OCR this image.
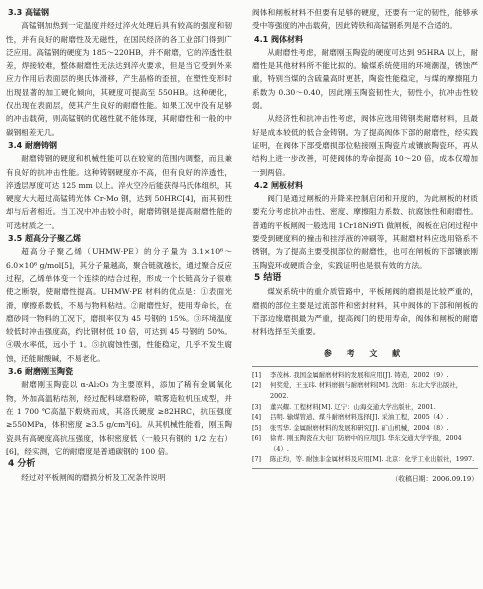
3.3 高锰钢

高锰钢加热到一定温度并经过淬火处理后具有较高的强度和韧性，并有良好的耐磨性及无磁性，在国民经济的各工业部门得到广泛应用。高锰钢的硬度为 185～220HB，并不耐磨，它的淬透性很差，焊接较难，整体耐磨性无法达到淬火要求，但是当它受到外来应力作用后表面层的奥氏体滑移，产生晶格的歪扭，在塑性变形时出现显著的加工硬化倾向，其硬度可提高至 550HB。这种硬化，仅出现在表面层，使其产生良好的耐磨性能。如果工况中没有足够的冲击载荷，则高锰钢的优越性就不能体现，其耐磨性和一般的中碳钢相差无几。

3.4 耐磨铸钢

耐磨铸钢的硬度和机械性能可以在较宽的范围内调整，而且兼有良好的抗冲击性能。这种铸钢硬度亦不高，但有良好的淬透性，淬透层厚度可达 125 mm 以上。淬火空冷后能获得马氏体组织，其硬度大大超过高锰铸光体 Cr-Mo 钢，达到 50HRC[4]，而其韧性却与后者相近。当工况中冲击较小时，耐磨铸钢是提高耐磨性能的可选材质之一。

3.5 超高分子聚乙烯

超高分子聚乙烯（UHMW·PE）的分子量为 3.1×10⁶～6.0×10⁶ g/mol[5]，其分子量越高，聚合链就越长，通过聚合反应过程，乙烯单体变一个连续的结合过程，形成一个长链高分子很难使之断裂，使耐磨性提高。UHMW·PE 材料的优点是：①表面光滑，摩擦系数低，不易与物料粘结。②耐磨性好，使用寿命长，在磨砂同一物料的工况下，磨损率仅为 45 号钢的 15%。③环境温度较低时冲击强度高，约比钢材低 10 倍，可达到 45 号钢的 50%。④吸水率低，远小于 1。⑤抗腐蚀性强，性能稳定，几乎不发生腐蚀，还能耐酸碱，不易老化。

3.6 耐磨刚玉陶瓷

耐磨刚玉陶瓷以 α-Al₂O₃ 为主要原料，添加了稀有金属氧化物，外加高温粘结剂，经过配料球磨粉碎，喷雾造粒机压成型，并在 1 700 ℃高温下煅烧而成，其洛氏硬度 ≥82HRC，抗压强度 ≥550MPa，体积密度 ≥3.5 g/cm³[6]。从其机械性能看，刚玉陶瓷具有高硬度高抗压强度，体积密度低（一般只有钢的 1/2 左右）[6]，经实测，它的耐磨度是普通碳钢的 100 倍。

4 分析

经过对平板闸阀的磨损分析及工况条件说明

阀体和闸板材料不但要有足够的硬度，还要有一定的韧性，能够承受中等强度的冲击载荷，因此铸铁和高锰钢系列是不合适的。

4.1 阀体材料

从耐磨性考虑，耐磨刚玉陶瓷的硬度可达到 95HRA 以上，耐磨性是其他材料所不能比拟的。输煤系统使用的环境潮湿，锈蚀严重，特别当煤的含硫量高时更甚，陶瓷性能稳定，与煤的摩擦阻力系数为 0.30～0.40，因此刚玉陶瓷韧性大，韧性小，抗冲击性较弱。

从经济性和抗冲击性考虑，阀体应选用铸钢类耐磨材料，且最好是成本较低的低合金铸钢。为了提高阀体下部的耐磨性，经实践证明，在阀体下部受磨损部位粘接刚玉陶瓷片或镶嵌陶瓷环，再从结构上进一步改善，可使阀体的寿命提高 10～20 倍，成本仅增加一到两倍。

4.2 闸板材料

阀门是通过闸板的升降来控制启闭和开度的，为此闸板的材质要充分考虑抗冲击性、密度、摩擦阻力系数、抗腐蚀性和耐磨性。普通的平板闸阀一般选用 1Cr18Ni9Ti 做闸板，阀板在启闭过程中要受到硬度料的撞击和挂浮液的冲刷等，其耐磨材料应选用铬系不锈钢，为了提高主要受损部位的耐磨性，也可在闸板的下部镶嵌刚玉陶瓷环或硬质合金，实践证明也是很有效的方法。

5 结语

煤炭系统中的重介质管路中，平板闸阀的磨损是比较严重的，磨损的部位主要是过流部件和密封材料，其中阀体的下部和闸板的下部边缘磨损最为严重，提高阀门的使用寿命，阀体和闸板的耐磨材料选择至关重要。

参 考 文 献
[1]	李茂林. 我国金属耐磨材料的发展和应用[J]. 铸造，2002（9）.
[2]	何奖爱，王玉玮. 材料磨损与耐磨材料[M]. 沈阳：东北大学出版社，2002.
[3]	董兴耀. 工程材料[M]. 辽宁：山海交通大学出版社，2001.
[4]	吕明. 输煤管道、煤斗耐磨材料选择[J]. 采油工程，2005（4）.
[5]	张雪华. 金属耐磨材料的发展和研究[J]. 矿山机械，2004（8）.
[6]	徐青. 刚玉陶瓷在大电厂防磨中的应用[J]. 华东交通大学学报，2004（4）.
[7]	陈正均，等. 耐蚀非金属材料及应用[M]. 北京：化学工业出版社，1997.
（收稿日期：2006.09.19）
